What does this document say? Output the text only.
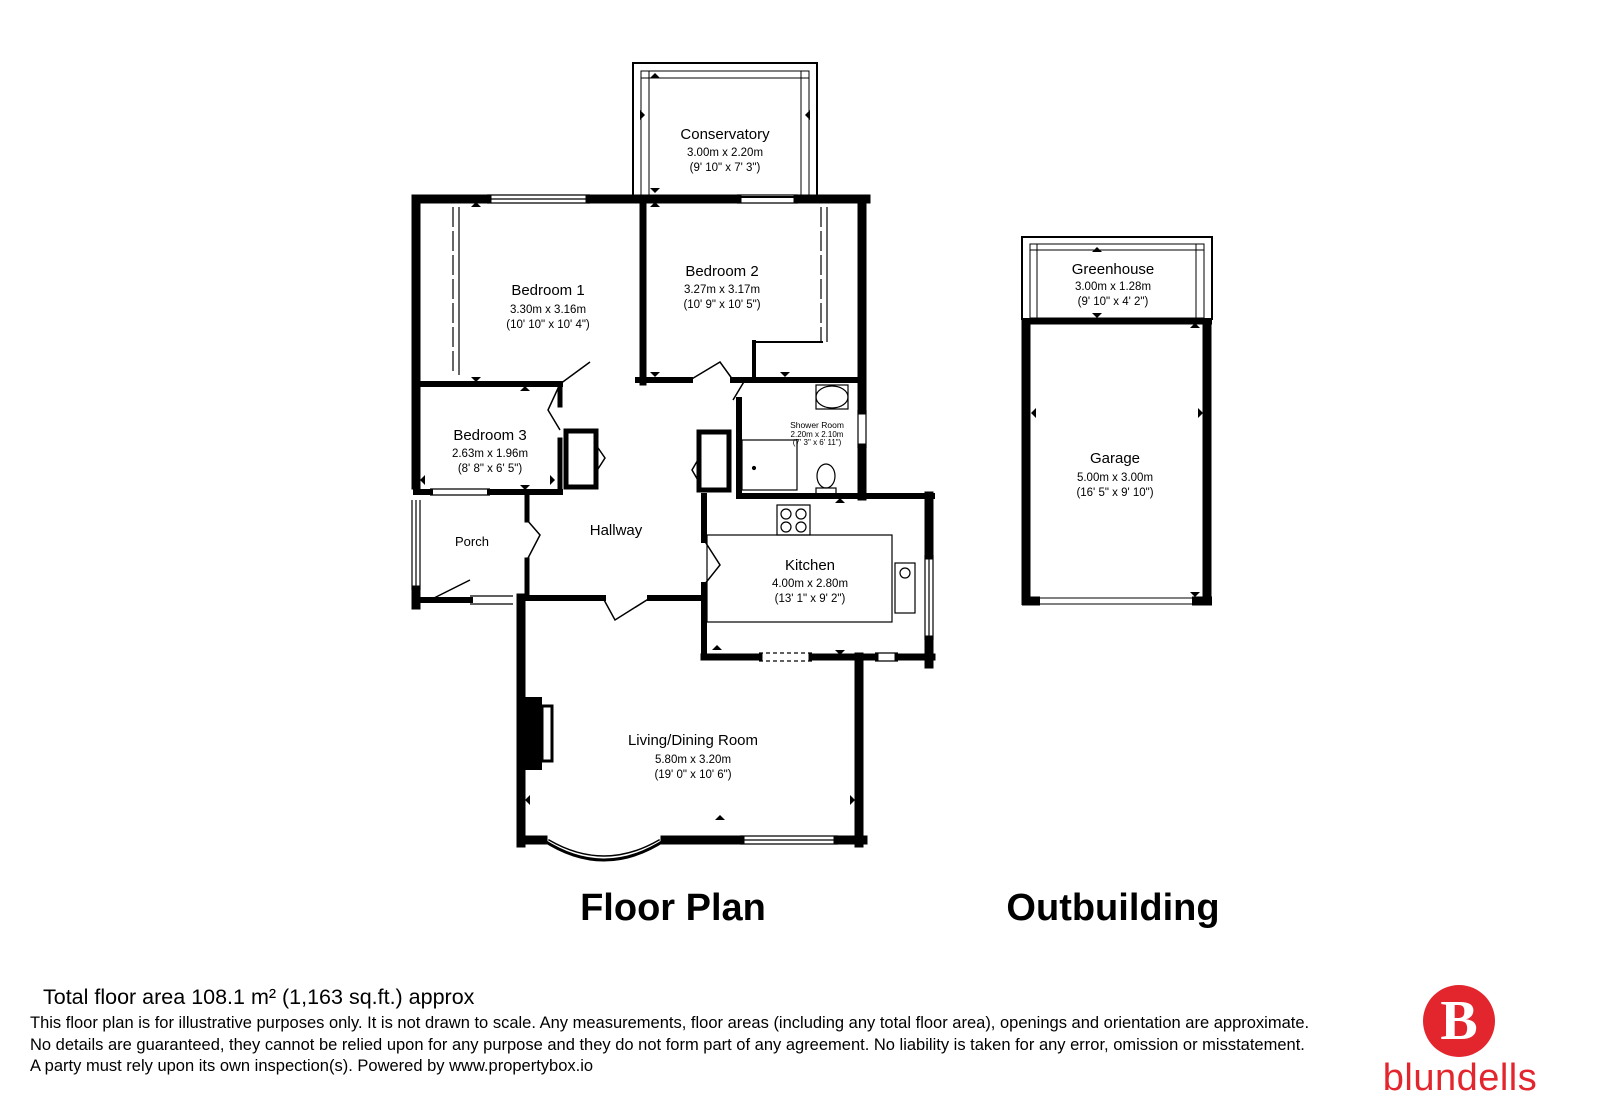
Conservatory
3.00m x 2.20m
(9' 10" x 7' 3")
Bedroom 1
3.30m x 3.16m
(10' 10" x 10' 4")
Bedroom 2
3.27m x 3.17m
(10' 9" x 10' 5")
Bedroom 3
2.63m x 1.96m
(8' 8" x 6' 5")
Shower Room
2.20m x 2.10m
(7' 3" x 6' 11")
Porch
Hallway
Kitchen
4.00m x 2.80m
(13' 1" x 9' 2")
Living/Dining Room
5.80m x 3.20m
(19' 0" x 10' 6")
Greenhouse
3.00m x 1.28m
(9' 10" x 4' 2")
Garage
5.00m x 3.00m
(16' 5" x 9' 10")
Floor Plan	Outbuilding

Total floor area 108.1 m² (1,163 sq.ft.) approx

This floor plan is for illustrative purposes only. It is not drawn to scale. Any measurements, floor areas (including any total floor area), openings and orientation are approximate. No details are guaranteed, they cannot be relied upon for any purpose and they do not form part of any agreement. No liability is taken for any error, omission or misstatement. A party must rely upon its own inspection(s). Powered by www.propertybox.io

B
blundells
